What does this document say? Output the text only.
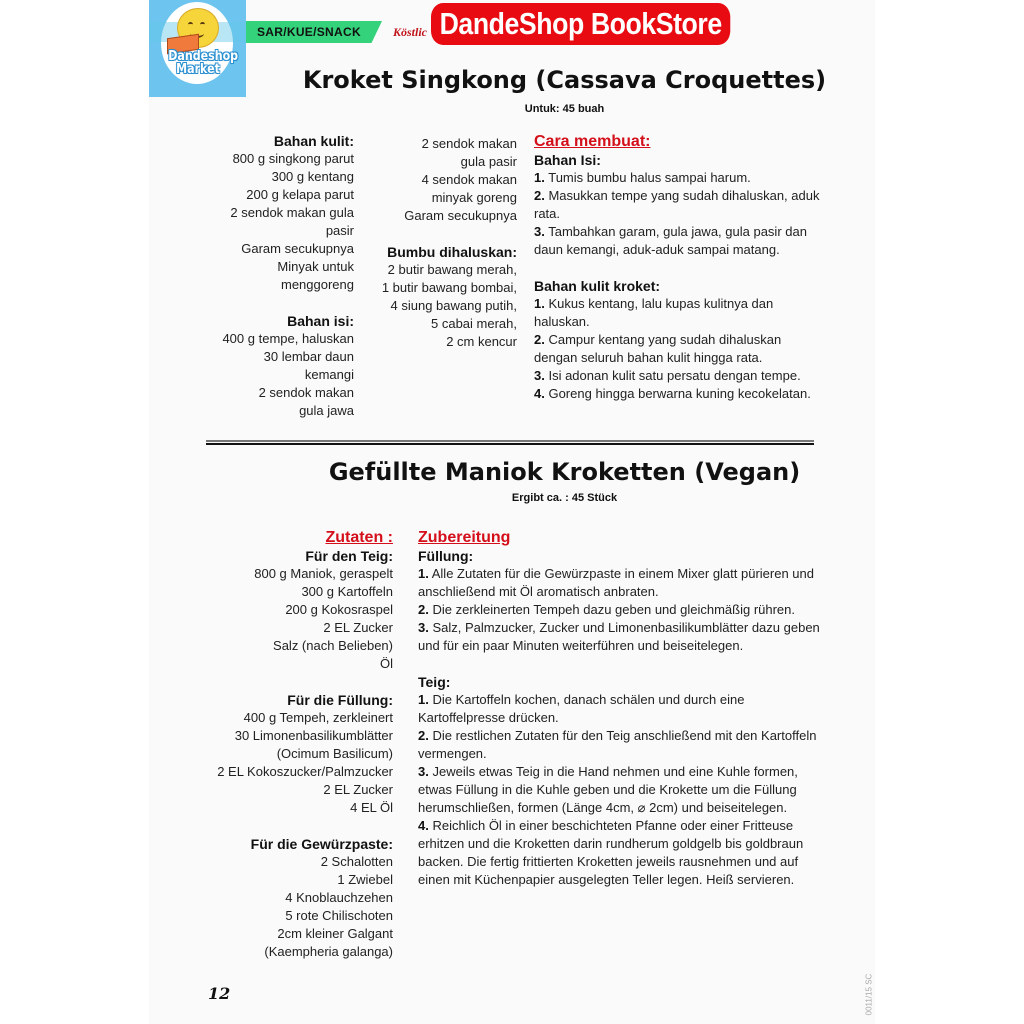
SAR/KUE/SNACK	Köstlic
Dandeshop
Market
DandeShop BookStore
Kroket Singkong (Cassava Croquettes)
Untuk: 45 buah
Bahan kulit:
800 g singkong parut
300 g kentang
200 g kelapa parut
2 sendok makan gula
pasir
Garam secukupnya
Minyak untuk
menggoreng
Bahan isi:
400 g tempe, haluskan
30 lembar daun
kemangi
2 sendok makan
gula jawa
2 sendok makan
gula pasir
4 sendok makan
minyak goreng
Garam secukupnya
Bumbu dihaluskan:
2 butir bawang merah,
1 butir bawang bombai,
4 siung bawang putih,
5 cabai merah,
2 cm kencur
Cara membuat:
Bahan Isi:
1. Tumis bumbu halus sampai harum.
2. Masukkan tempe yang sudah dihaluskan, aduk rata.
3. Tambahkan garam, gula jawa, gula pasir dan daun kemangi, aduk-aduk sampai matang.
Bahan kulit kroket:
1. Kukus kentang, lalu kupas kulitnya dan haluskan.
2. Campur kentang yang sudah dihaluskan dengan seluruh bahan kulit hingga rata.
3. Isi adonan kulit satu persatu dengan tempe.
4. Goreng hingga berwarna kuning kecokelatan.
Gefüllte Maniok Kroketten (Vegan)
Ergibt ca. : 45 Stück
Zutaten :
Für den Teig:
800 g Maniok, geraspelt
300 g Kartoffeln
200 g Kokosraspel
2 EL Zucker
Salz (nach Belieben)
Öl
Für die Füllung:
400 g Tempeh, zerkleinert
30 Limonenbasilikumblätter
(Ocimum Basilicum)
2 EL Kokoszucker/Palmzucker
2 EL Zucker
4 EL Öl
Für die Gewürzpaste:
2 Schalotten
1 Zwiebel
4 Knoblauchzehen
5 rote Chilischoten
2cm kleiner Galgant
(Kaempheria galanga)
Zubereitung
Füllung:
1. Alle Zutaten für die Gewürzpaste in einem Mixer glatt pürieren und anschließend mit Öl aromatisch anbraten.
2. Die zerkleinerten Tempeh dazu geben und gleichmäßig rühren.
3. Salz, Palmzucker, Zucker und Limonenbasilikumblätter dazu geben und für ein paar Minuten weiterführen und beiseitelegen.
Teig:
1. Die Kartoffeln kochen, danach schälen und durch eine Kartoffelpresse drücken.
2. Die restlichen Zutaten für den Teig anschließend mit den Kartoffeln vermengen.
3. Jeweils etwas Teig in die Hand nehmen und eine Kuhle formen, etwas Füllung in die Kuhle geben und die Krokette um die Füllung herumschließen, formen (Länge 4cm, ⌀ 2cm) und beiseitelegen.
4. Reichlich Öl in einer beschichteten Pfanne oder einer Fritteuse erhitzen und die Kroketten darin rundherum goldgelb bis goldbraun backen. Die fertig frittierten Kroketten jeweils rausnehmen und auf einen mit Küchenpapier ausgelegten Teller legen. Heiß servieren.
12	0011/15 SC
